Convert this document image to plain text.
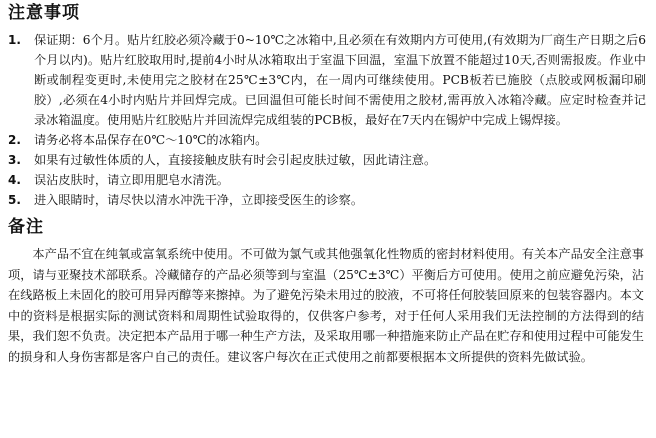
注意事项
1.	保证期：6个月。贴片红胶必须冷藏于0~10℃之冰箱中,且必须在有效期内方可使用,(有效期为厂商生产日期之后6个月以内)。贴片红胶取用时,提前4小时从冰箱取出于室温下回温，室温下放置不能超过10天,否则需报废。作业中断或制程变更时,未使用完之胶材在25℃±3℃内，在一周内可继续使用。PCB板若已施胶（点胶或网板漏印刷胶）,必须在4小时内贴片并回焊完成。已回温但可能长时间不需使用之胶材,需再放入冰箱冷藏。应定时检查并记录冰箱温度。使用贴片红胶贴片并回流焊完成组装的PCB板，最好在7天内在锡炉中完成上锡焊接。
2.	请务必将本品保存在0℃～10℃的冰箱内。
3.	如果有过敏性体质的人，直接接触皮肤有时会引起皮肤过敏，因此请注意。
4.	误沾皮肤时，请立即用肥皂水清洗。
5.	进入眼睛时，请尽快以清水冲洗干净，立即接受医生的诊察。
备注

本产品不宜在纯氧或富氧系统中使用。不可做为氯气或其他强氧化性物质的密封材料使用。有关本产品安全注意事项，请与亚聚技术部联系。冷藏储存的产品必须等到与室温（25℃±3℃）平衡后方可使用。使用之前应避免污染，沾在线路板上未固化的胶可用异丙醇等来擦掉。为了避免污染未用过的胶液，不可将任何胶装回原来的包装容器内。本文中的资料是根据实际的测试资料和周期性试验取得的，仅供客户参考，对于任何人采用我们无法控制的方法得到的结果，我们恕不负责。决定把本产品用于哪一种生产方法，及采取用哪一种措施来防止产品在贮存和使用过程中可能发生的损身和人身伤害都是客户自己的责任。建议客户每次在正式使用之前都要根据本文所提供的资料先做试验。
